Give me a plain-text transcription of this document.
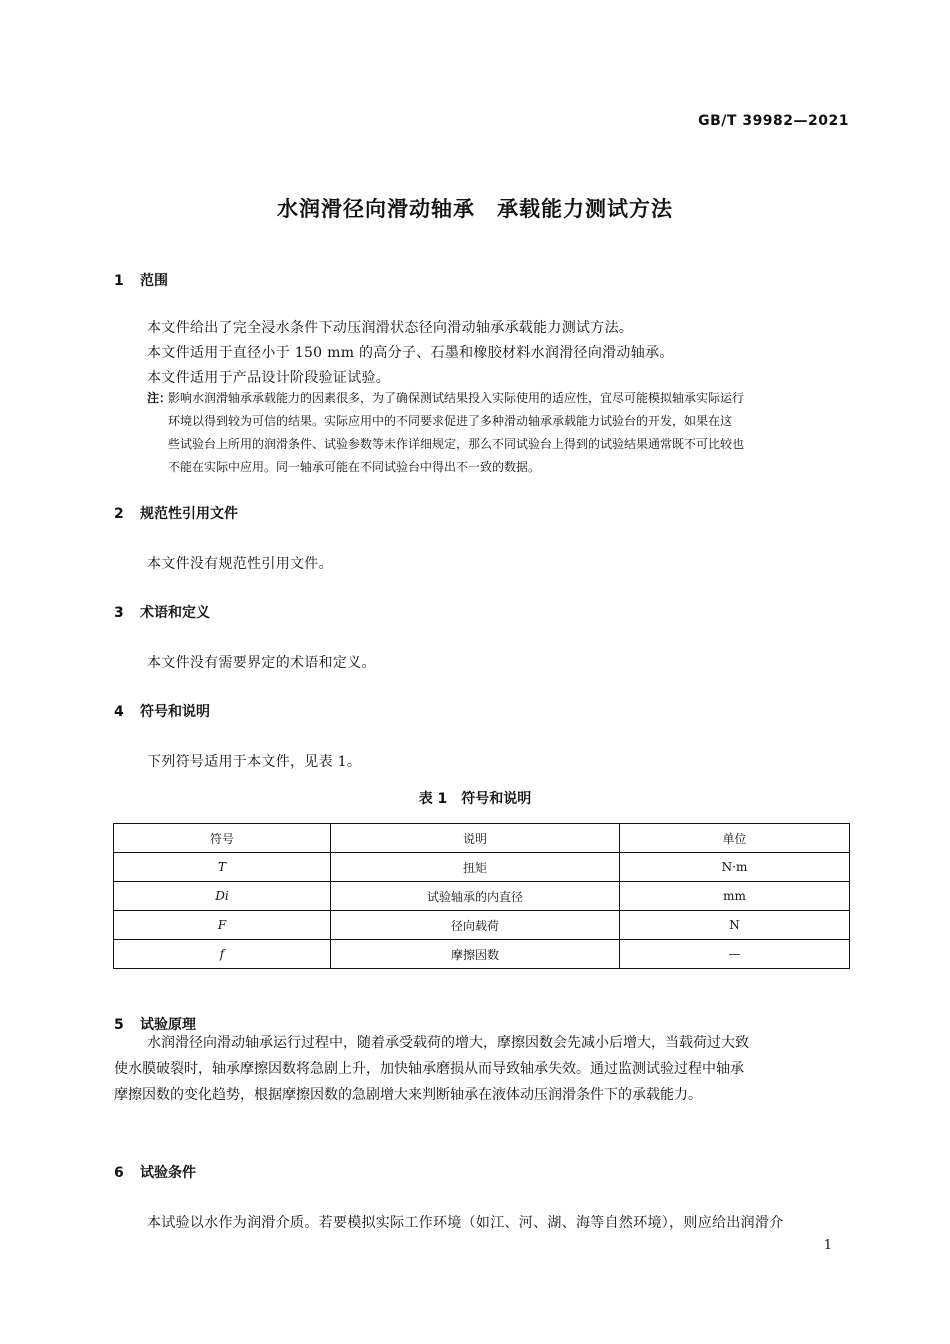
GB/T 39982—2021
水润滑径向滑动轴承　承载能力测试方法
1 范围
本文件给出了完全浸水条件下动压润滑状态径向滑动轴承承载能力测试方法。
本文件适用于直径小于 150 mm 的高分子、石墨和橡胶材料水润滑径向滑动轴承。
本文件适用于产品设计阶段验证试验。
注：影响水润滑轴承承载能力的因素很多，为了确保测试结果投入实际使用的适应性，宜尽可能模拟轴承实际运行
环境以得到较为可信的结果。实际应用中的不同要求促进了多种滑动轴承承载能力试验台的开发，如果在这
些试验台上所用的润滑条件、试验参数等未作详细规定，那么不同试验台上得到的试验结果通常既不可比较也
不能在实际中应用。同一轴承可能在不同试验台中得出不一致的数据。
2 规范性引用文件
本文件没有规范性引用文件。
3 术语和定义
本文件没有需要界定的术语和定义。
4 符号和说明
下列符号适用于本文件，见表 1。
表 1　符号和说明
符号	说明	单位
T	扭矩	N·m
Di	试验轴承的内直径	mm
F	径向载荷	N
f	摩擦因数	—
5 试验原理
水润滑径向滑动轴承运行过程中，随着承受载荷的增大，摩擦因数会先减小后增大，当载荷过大致
使水膜破裂时，轴承摩擦因数将急剧上升，加快轴承磨损从而导致轴承失效。通过监测试验过程中轴承
摩擦因数的变化趋势，根据摩擦因数的急剧增大来判断轴承在液体动压润滑条件下的承载能力。
6 试验条件
本试验以水作为润滑介质。若要模拟实际工作环境（如江、河、湖、海等自然环境），则应给出润滑介
1
